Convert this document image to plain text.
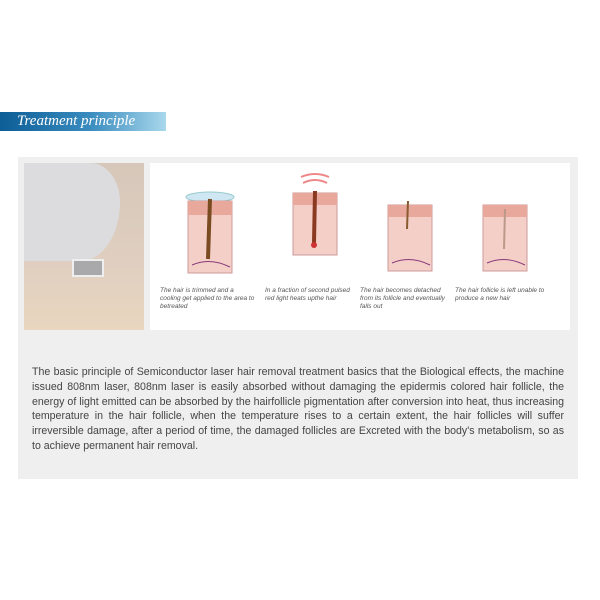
Treatment principle
The hair is trimmed and a cooling get applied to the area to betreated
In a fraction of second pulsed red light heats upthe hair
The hair becomes detached from its follicle and eventually falls out
The hair follicle is left unable to produce a new hair
The basic principle of Semiconductor laser hair removal treatment basics that the Biological effects, the machine issued 808nm laser, 808nm laser is easily absorbed without damaging the epidermis colored hair follicle, the energy of light emitted can be absorbed by the hairfollicle pigmentation after conversion into heat, thus increasing temperature in the hair follicle, when the temperature rises to a certain extent, the hair follicles will suffer irreversible damage, after a period of time, the damaged follicles are Excreted with the body's metabolism, so as to achieve permanent hair removal.
